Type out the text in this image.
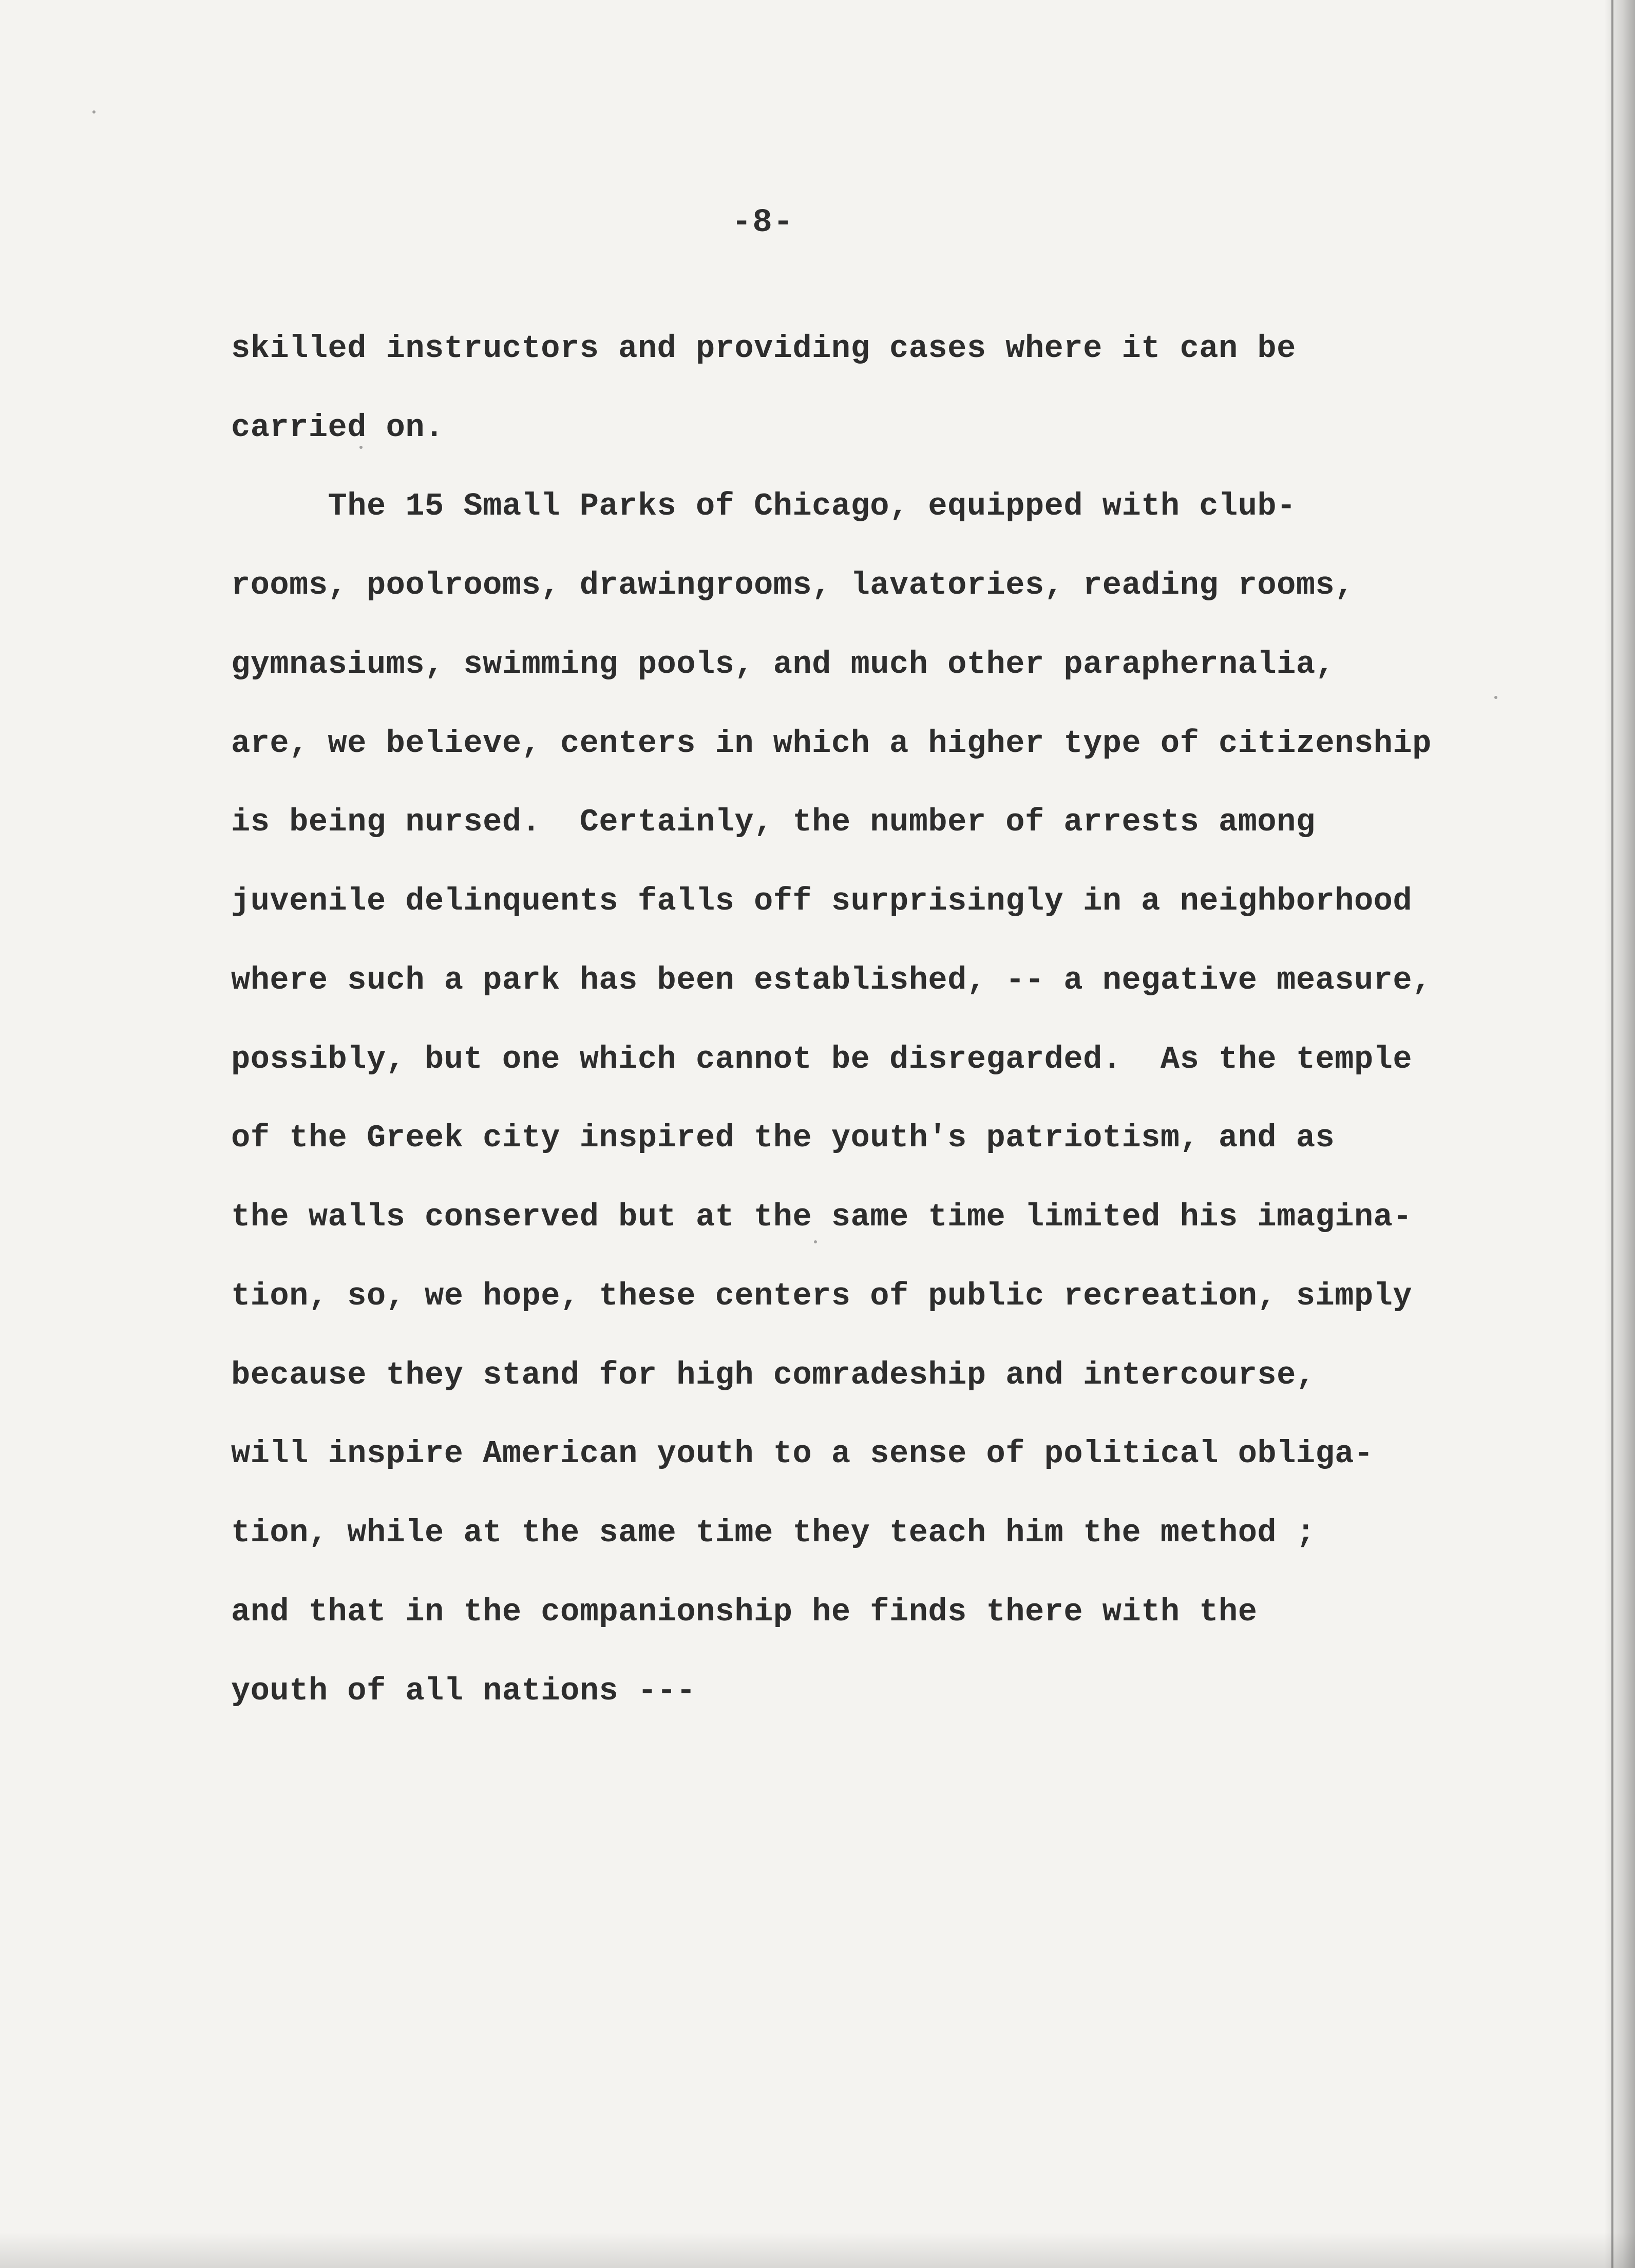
-8-
skilled instructors and providing cases where it can be
carried on.
The 15 Small Parks of Chicago, equipped with club-
rooms, poolrooms, drawingrooms, lavatories, reading rooms,
gymnasiums, swimming pools, and much other paraphernalia,
are, we believe, centers in which a higher type of citizenship
is being nursed.  Certainly, the number of arrests among
juvenile delinquents falls off surprisingly in a neighborhood
where such a park has been established, -- a negative measure,
possibly, but one which cannot be disregarded.  As the temple
of the Greek city inspired the youth's patriotism, and as
the walls conserved but at the same time limited his imagina-
tion, so, we hope, these centers of public recreation, simply
because they stand for high comradeship and intercourse,
will inspire American youth to a sense of political obliga-
tion, while at the same time they teach him the method ;
and that in the companionship he finds there with the
youth of all nations ---
